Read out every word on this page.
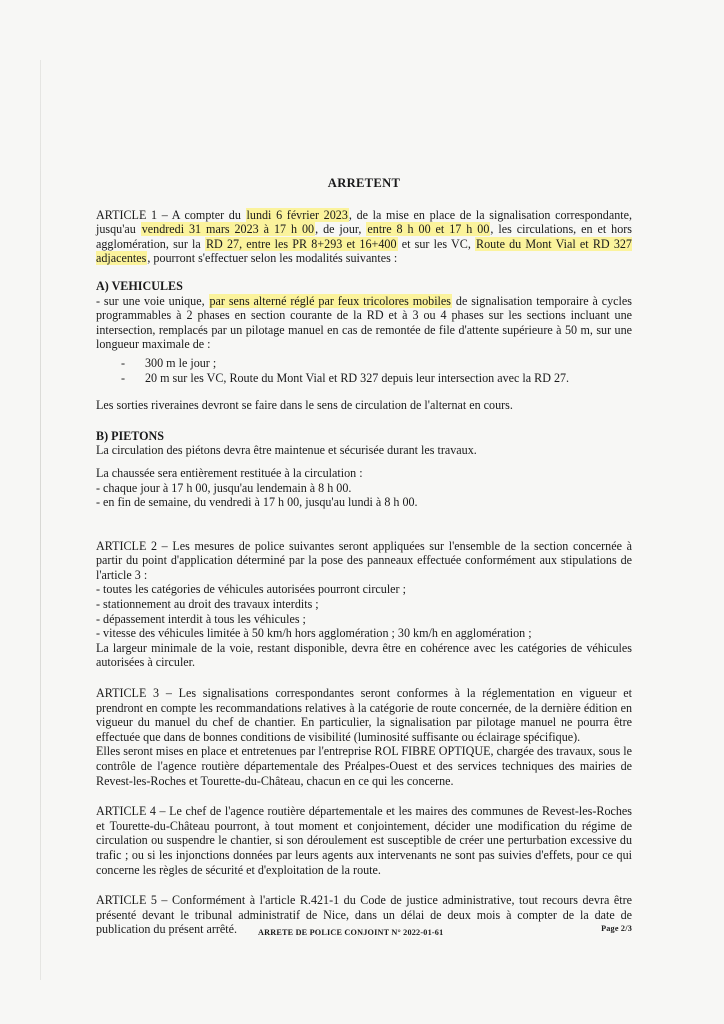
ARRETENT

ARTICLE 1 – A compter du lundi 6 février 2023, de la mise en place de la signalisation correspondante, jusqu'au vendredi 31 mars 2023 à 17 h 00, de jour, entre 8 h 00 et 17 h 00, les circulations, en et hors agglomération, sur la RD 27, entre les PR 8+293 et 16+400 et sur les VC, Route du Mont Vial et RD 327 adjacentes, pourront s'effectuer selon les modalités suivantes :

A) VEHICULES

- sur une voie unique, par sens alterné réglé par feux tricolores mobiles de signalisation temporaire à cycles programmables à 2 phases en section courante de la RD et à 3 ou 4 phases sur les sections incluant une intersection, remplacés par un pilotage manuel en cas de remontée de file d'attente supérieure à 50 m, sur une longueur maximale de :

- 300 m le jour ;
- 20 m sur les VC, Route du Mont Vial et RD 327 depuis leur intersection avec la RD 27.

Les sorties riveraines devront se faire dans le sens de circulation de l'alternat en cours.

B) PIETONS

La circulation des piétons devra être maintenue et sécurisée durant les travaux.

La chaussée sera entièrement restituée à la circulation :

- chaque jour à 17 h 00, jusqu'au lendemain à 8 h 00.

- en fin de semaine, du vendredi à 17 h 00, jusqu'au lundi à 8 h 00.

ARTICLE 2 – Les mesures de police suivantes seront appliquées sur l'ensemble de la section concernée à partir du point d'application déterminé par la pose des panneaux effectuée conformément aux stipulations de l'article 3 :

- toutes les catégories de véhicules autorisées pourront circuler ;

- stationnement au droit des travaux interdits ;

- dépassement interdit à tous les véhicules ;

- vitesse des véhicules limitée à 50 km/h hors agglomération ; 30 km/h en agglomération ;

La largeur minimale de la voie, restant disponible, devra être en cohérence avec les catégories de véhicules autorisées à circuler.

ARTICLE 3 – Les signalisations correspondantes seront conformes à la réglementation en vigueur et prendront en compte les recommandations relatives à la catégorie de route concernée, de la dernière édition en vigueur du manuel du chef de chantier. En particulier, la signalisation par pilotage manuel ne pourra être effectuée que dans de bonnes conditions de visibilité (luminosité suffisante ou éclairage spécifique).

Elles seront mises en place et entretenues par l'entreprise ROL FIBRE OPTIQUE, chargée des travaux, sous le contrôle de l'agence routière départementale des Préalpes-Ouest et des services techniques des mairies de Revest-les-Roches et Tourette-du-Château, chacun en ce qui les concerne.

ARTICLE 4 – Le chef de l'agence routière départementale et les maires des communes de Revest-les-Roches et Tourette-du-Château pourront, à tout moment et conjointement, décider une modification du régime de circulation ou suspendre le chantier, si son déroulement est susceptible de créer une perturbation excessive du trafic ; ou si les injonctions données par leurs agents aux intervenants ne sont pas suivies d'effets, pour ce qui concerne les règles de sécurité et d'exploitation de la route.

ARTICLE 5 – Conformément à l'article R.421-1 du Code de justice administrative, tout recours devra être présenté devant le tribunal administratif de Nice, dans un délai de deux mois à compter de la date de publication du présent arrêté.	ARRETE DE POLICE CONJOINT N° 2022-01-61	Page 2/3
